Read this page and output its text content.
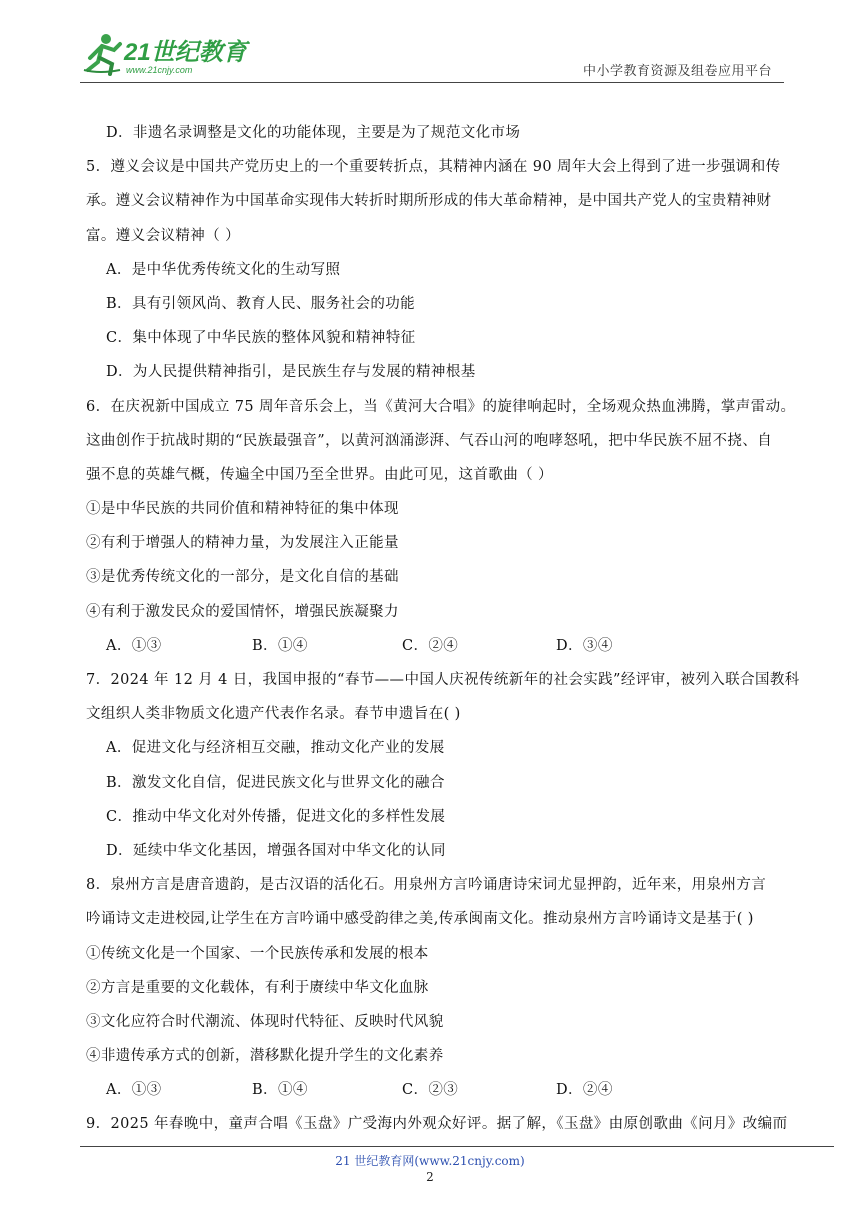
21世纪教育
www.21cnjy.com	中小学教育资源及组卷应用平台
D．非遗名录调整是文化的功能体现，主要是为了规范文化市场
5．遵义会议是中国共产党历史上的一个重要转折点，其精神内涵在 90 周年大会上得到了进一步强调和传
承。遵义会议精神作为中国革命实现伟大转折时期所形成的伟大革命精神，是中国共产党人的宝贵精神财
富。遵义会议精神（ ）
A．是中华优秀传统文化的生动写照
B．具有引领风尚、教育人民、服务社会的功能
C．集中体现了中华民族的整体风貌和精神特征
D．为人民提供精神指引，是民族生存与发展的精神根基
6．在庆祝新中国成立 75 周年音乐会上，当《黄河大合唱》的旋律响起时，全场观众热血沸腾，掌声雷动。
这曲创作于抗战时期的“民族最强音”，以黄河汹涌澎湃、气吞山河的咆哮怒吼，把中华民族不屈不挠、自
强不息的英雄气概，传遍全中国乃至全世界。由此可见，这首歌曲（ ）
①是中华民族的共同价值和精神特征的集中体现
②有利于增强人的精神力量，为发展注入正能量
③是优秀传统文化的一部分，是文化自信的基础
④有利于激发民众的爱国情怀，增强民族凝聚力
A．①③	B．①④	C．②④	D．③④
7．2024 年 12 月 4 日，我国申报的“春节——中国人庆祝传统新年的社会实践”经评审，被列入联合国教科
文组织人类非物质文化遗产代表作名录。春节申遗旨在( )
A．促进文化与经济相互交融，推动文化产业的发展
B．激发文化自信，促进民族文化与世界文化的融合
C．推动中华文化对外传播，促进文化的多样性发展
D．延续中华文化基因，增强各国对中华文化的认同
8．泉州方言是唐音遗韵，是古汉语的活化石。用泉州方言吟诵唐诗宋词尤显押韵，近年来，用泉州方言
吟诵诗文走进校园,让学生在方言吟诵中感受韵律之美,传承闽南文化。推动泉州方言吟诵诗文是基于( )
①传统文化是一个国家、一个民族传承和发展的根本
②方言是重要的文化载体，有利于赓续中华文化血脉
③文化应符合时代潮流、体现时代特征、反映时代风貌
④非遗传承方式的创新，潜移默化提升学生的文化素养
A．①③	B．①④	C．②③	D．②④
9．2025 年春晚中，童声合唱《玉盘》广受海内外观众好评。据了解，《玉盘》由原创歌曲《问月》改编而
21 世纪教育网(www.21cnjy.com)
2
